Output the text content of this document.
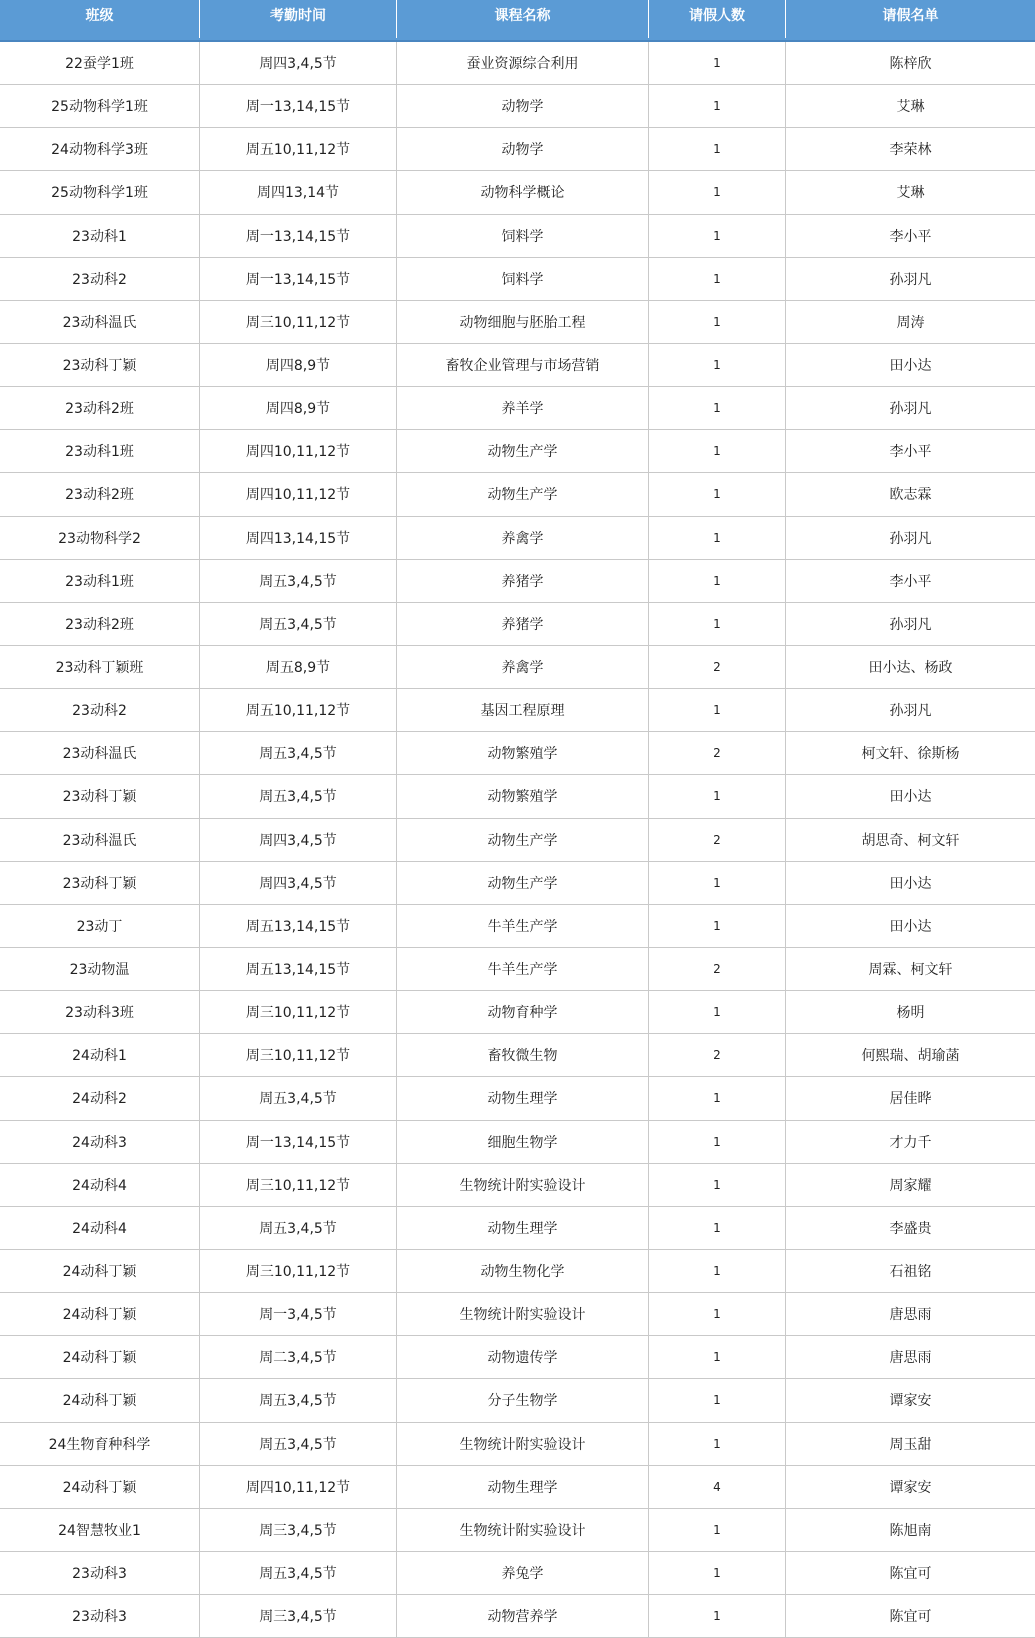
班级	考勤时间	课程名称	请假人数	请假名单
22蚕学1班	周四3,4,5节	蚕业资源综合利用	1	陈梓欣
25动物科学1班	周一13,14,15节	动物学	1	艾琳
24动物科学3班	周五10,11,12节	动物学	1	李荣林
25动物科学1班	周四13,14节	动物科学概论	1	艾琳
23动科1	周一13,14,15节	饲料学	1	李小平
23动科2	周一13,14,15节	饲料学	1	孙羽凡
23动科温氏	周三10,11,12节	动物细胞与胚胎工程	1	周涛
23动科丁颖	周四8,9节	畜牧企业管理与市场营销	1	田小达
23动科2班	周四8,9节	养羊学	1	孙羽凡
23动科1班	周四10,11,12节	动物生产学	1	李小平
23动科2班	周四10,11,12节	动物生产学	1	欧志霖
23动物科学2	周四13,14,15节	养禽学	1	孙羽凡
23动科1班	周五3,4,5节	养猪学	1	李小平
23动科2班	周五3,4,5节	养猪学	1	孙羽凡
23动科丁颖班	周五8,9节	养禽学	2	田小达、杨政
23动科2	周五10,11,12节	基因工程原理	1	孙羽凡
23动科温氏	周五3,4,5节	动物繁殖学	2	柯文轩、徐斯杨
23动科丁颖	周五3,4,5节	动物繁殖学	1	田小达
23动科温氏	周四3,4,5节	动物生产学	2	胡思奇、柯文轩
23动科丁颖	周四3,4,5节	动物生产学	1	田小达
23动丁	周五13,14,15节	牛羊生产学	1	田小达
23动物温	周五13,14,15节	牛羊生产学	2	周霖、柯文轩
23动科3班	周三10,11,12节	动物育种学	1	杨明
24动科1	周三10,11,12节	畜牧微生物	2	何熙瑞、胡瑜菡
24动科2	周五3,4,5节	动物生理学	1	居佳晔
24动科3	周一13,14,15节	细胞生物学	1	才力千
24动科4	周三10,11,12节	生物统计附实验设计	1	周家耀
24动科4	周五3,4,5节	动物生理学	1	李盛贵
24动科丁颖	周三10,11,12节	动物生物化学	1	石祖铭
24动科丁颖	周一3,4,5节	生物统计附实验设计	1	唐思雨
24动科丁颖	周二3,4,5节	动物遗传学	1	唐思雨
24动科丁颖	周五3,4,5节	分子生物学	1	谭家安
24生物育种科学	周五3,4,5节	生物统计附实验设计	1	周玉甜
24动科丁颖	周四10,11,12节	动物生理学	4	谭家安
24智慧牧业1	周三3,4,5节	生物统计附实验设计	1	陈旭南
23动科3	周五3,4,5节	养兔学	1	陈宜可
23动科3	周三3,4,5节	动物营养学	1	陈宜可
